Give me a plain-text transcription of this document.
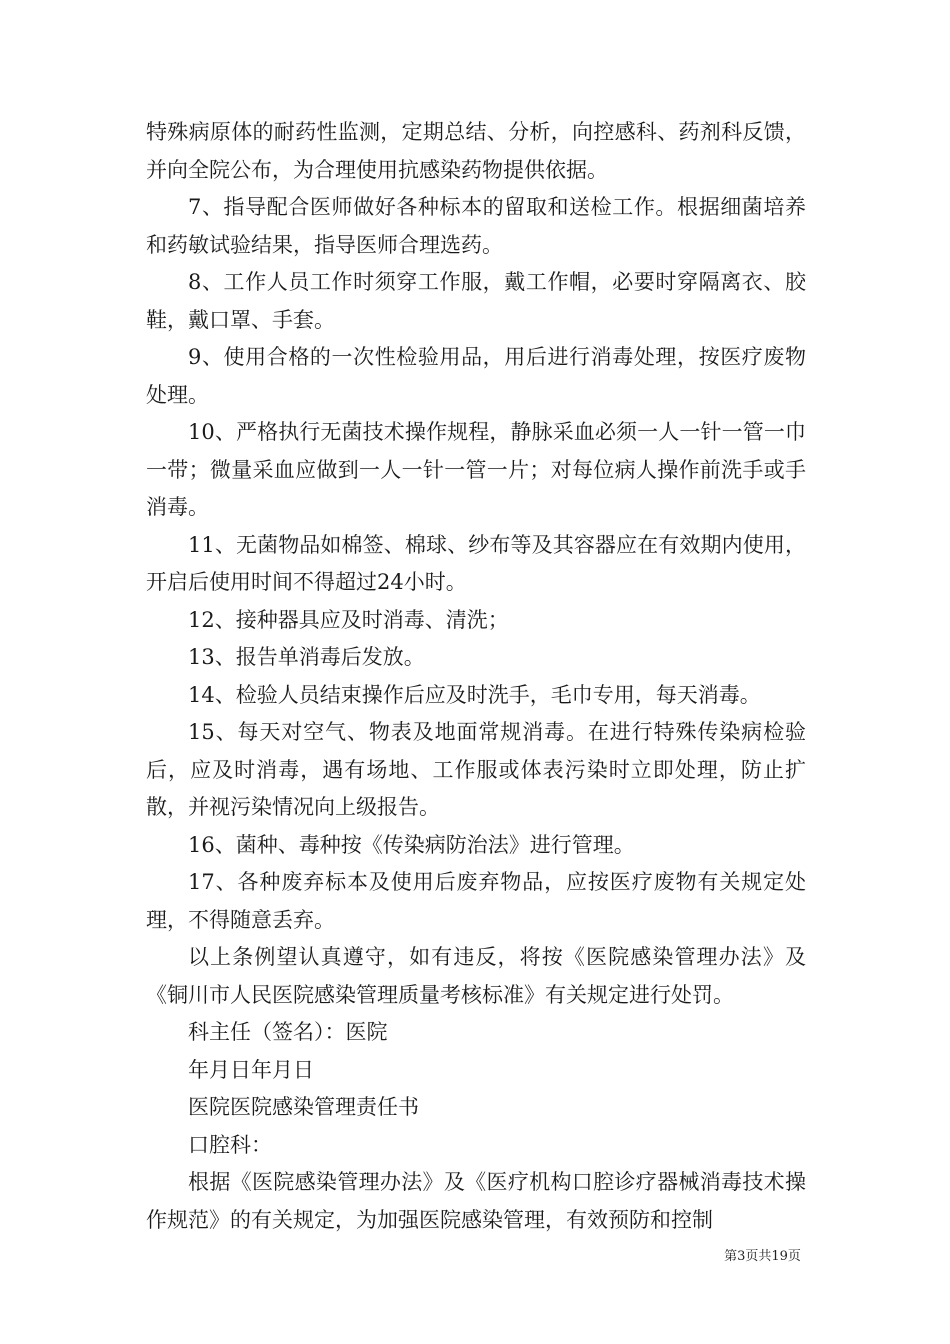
特殊病原体的耐药性监测，定期总结、分析，向控感科、药剂科反馈，并向全院公布，为合理使用抗感染药物提供依据。

7、指导配合医师做好各种标本的留取和送检工作。根据细菌培养和药敏试验结果，指导医师合理选药。

8、工作人员工作时须穿工作服，戴工作帽，必要时穿隔离衣、胶鞋，戴口罩、手套。

9、使用合格的一次性检验用品，用后进行消毒处理，按医疗废物处理。

10、严格执行无菌技术操作规程，静脉采血必须一人一针一管一巾一带；微量采血应做到一人一针一管一片；对每位病人操作前洗手或手消毒。

11、无菌物品如棉签、棉球、纱布等及其容器应在有效期内使用，开启后使用时间不得超过24小时。

12、接种器具应及时消毒、清洗；

13、报告单消毒后发放。

14、检验人员结束操作后应及时洗手，毛巾专用，每天消毒。

15、每天对空气、物表及地面常规消毒。在进行特殊传染病检验后，应及时消毒，遇有场地、工作服或体表污染时立即处理，防止扩散，并视污染情况向上级报告。

16、菌种、毒种按《传染病防治法》进行管理。

17、各种废弃标本及使用后废弃物品，应按医疗废物有关规定处理，不得随意丢弃。

以上条例望认真遵守，如有违反，将按《医院感染管理办法》及《铜川市人民医院感染管理质量考核标准》有关规定进行处罚。

科主任（签名）：医院

年月日年月日

医院医院感染管理责任书

口腔科：

根据《医院感染管理办法》及《医疗机构口腔诊疗器械消毒技术操作规范》的有关规定，为加强医院感染管理，有效预防和控制

第3页共19页
